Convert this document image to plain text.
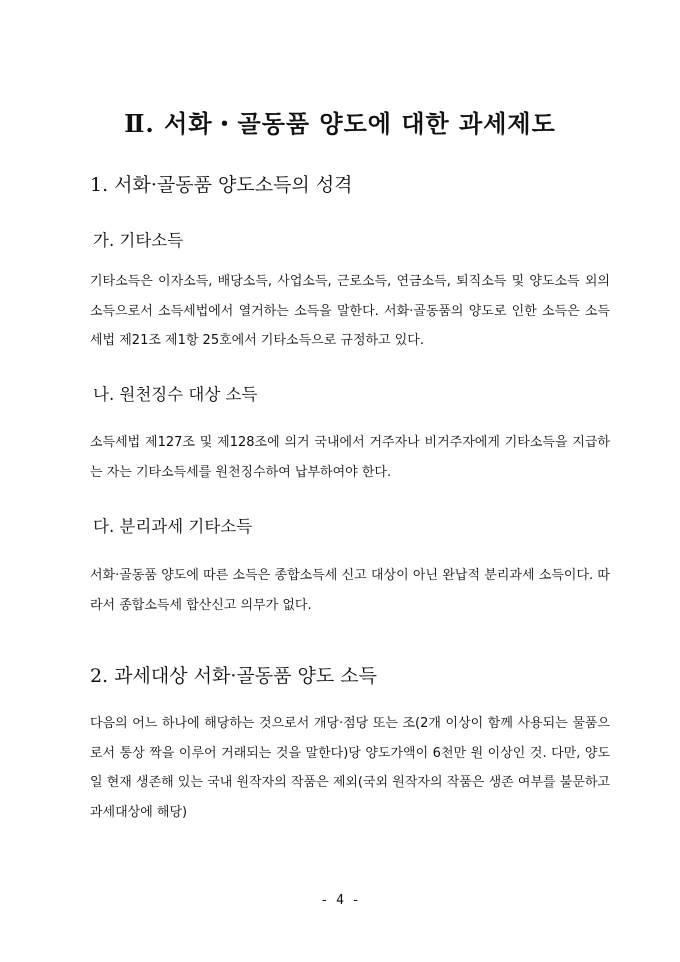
Ⅱ. 서화・골동품 양도에 대한 과세제도
1. 서화·골동품 양도소득의 성격
가. 기타소득

기타소득은 이자소득, 배당소득, 사업소득, 근로소득, 연금소득, 퇴직소득 및 양도소득 외의 소득으로서 소득세법에서 열거하는 소득을 말한다. 서화·골동품의 양도로 인한 소득은 소득세법 제21조 제1항 25호에서 기타소득으로 규정하고 있다.

나. 원천징수 대상 소득

소득세법 제127조 및 제128조에 의거 국내에서 거주자나 비거주자에게 기타소득을 지급하는 자는 기타소득세를 원천징수하여 납부하여야 한다.

다. 분리과세 기타소득

서화·골동품 양도에 따른 소득은 종합소득세 신고 대상이 아닌 완납적 분리과세 소득이다. 따라서 종합소득세 합산신고 의무가 없다.

2. 과세대상 서화·골동품 양도 소득

다음의 어느 하나에 해당하는 것으로서 개당·점당 또는 조(2개 이상이 함께 사용되는 물품으로서 통상 짝을 이루어 거래되는 것을 말한다)당 양도가액이 6천만 원 이상인 것. 다만, 양도일 현재 생존해 있는 국내 원작자의 작품은 제외(국외 원작자의 작품은 생존 여부를 불문하고 과세대상에 해당)

- 4 -
